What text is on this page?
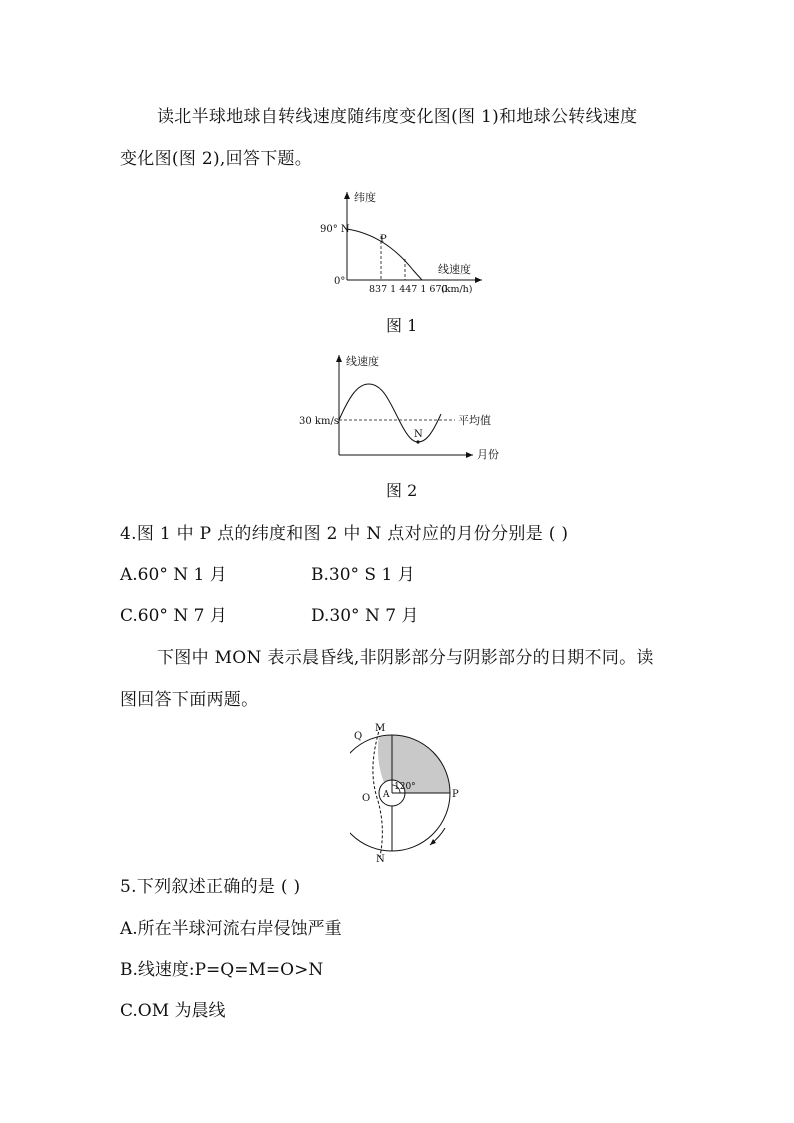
读北半球地球自转线速度随纬度变化图(图 1)和地球公转线速度
变化图(图 2),回答下题。
纬度
90° N
0°
P
线速度
837 1 447 1 670
(km/h)
图 1
线速度
30 km/s	平均值
N
月份
图 2
4.图 1 中 P 点的纬度和图 2 中 N 点对应的月份分别是 ( )
A.60° N 1 月	B.30° S 1 月
C.60° N 7 月	D.30° N 7 月
下图中 MON 表示晨昏线,非阴影部分与阴影部分的日期不同。读
图回答下面两题。
M
Q
O A
120°
P
N
5.下列叙述正确的是 ( )
A.所在半球河流右岸侵蚀严重
B.线速度:P=Q=M=O>N
C.OM 为晨线
